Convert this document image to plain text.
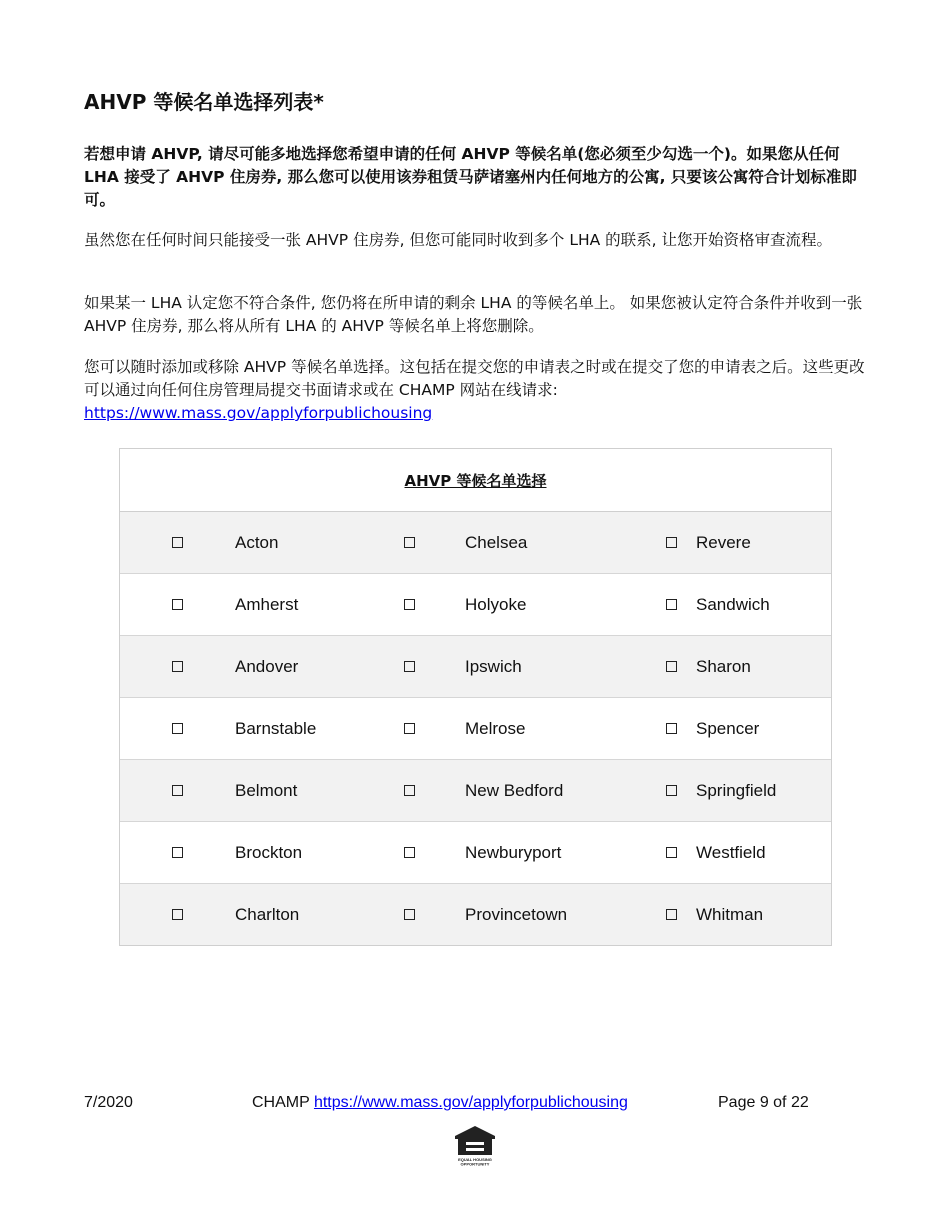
AHVP 等候名单选择列表*
若想申请 AHVP, 请尽可能多地选择您希望申请的任何 AHVP 等候名单(您必须至少勾选一个)。如果您从任何 LHA 接受了 AHVP 住房券, 那么您可以使用该券租赁马萨诸塞州内任何地方的公寓, 只要该公寓符合计划标准即可。
虽然您在任何时间只能接受一张 AHVP 住房券, 但您可能同时收到多个 LHA 的联系, 让您开始资格审查流程。
如果某一 LHA 认定您不符合条件, 您仍将在所申请的剩余 LHA 的等候名单上。 如果您被认定符合条件并收到一张 AHVP 住房券, 那么将从所有 LHA 的 AHVP 等候名单上将您删除。
您可以随时添加或移除 AHVP 等候名单选择。这包括在提交您的申请表之时或在提交了您的申请表之后。这些更改可以通过向任何住房管理局提交书面请求或在 CHAMP 网站在线请求:
https://www.mass.gov/applyforpublichousing
AHVP 等候名单选择
Acton	Chelsea	Revere
Amherst	Holyoke	Sandwich
Andover	Ipswich	Sharon
Barnstable	Melrose	Spencer
Belmont	New Bedford	Springfield
Brockton	Newburyport	Westfield
Charlton	Provincetown	Whitman
7/2020	CHAMP https://www.mass.gov/applyforpublichousing	Page 9 of 22
EQUAL HOUSING
OPPORTUNITY
